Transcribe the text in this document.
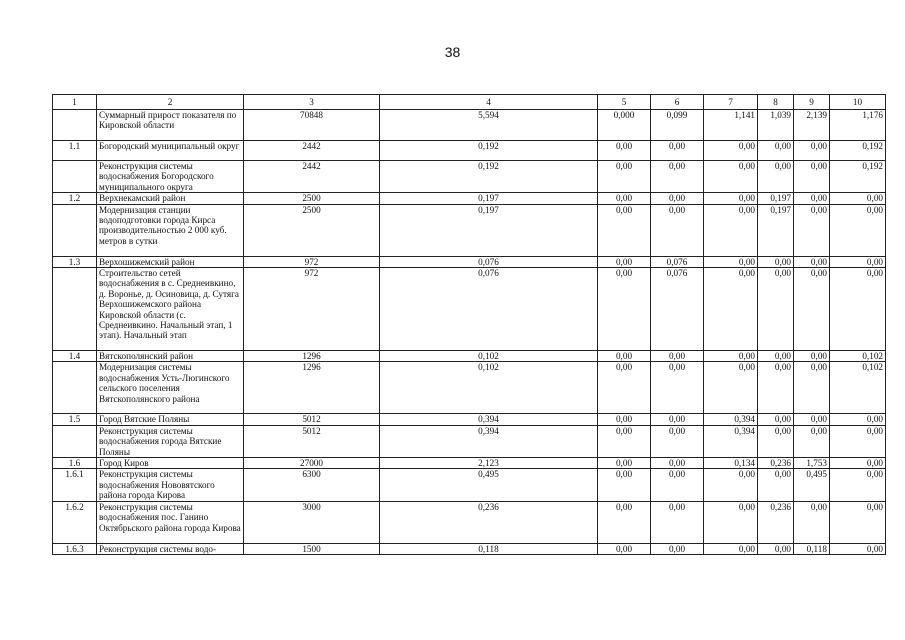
38
1	2	3	4	5	6	7	8	9	10
	Суммарный прирост показателя по Кировской области	70848	5,594	0,000	0,099	1,141	1,039	2,139	1,176
1.1	Богородский муниципальный округ	2442	0,192	0,00	0,00	0,00	0,00	0,00	0,192
	Реконструкция системы водоснабжения Богородского муниципального округа	2442	0,192	0,00	0,00	0,00	0,00	0,00	0,192
1.2	Верхнекамский район	2500	0,197	0,00	0,00	0,00	0,197	0,00	0,00
	Модернизация станции водоподготовки города Кирса производительностью 2 000 куб. метров в сутки	2500	0,197	0,00	0,00	0,00	0,197	0,00	0,00
1.3	Верхошижемский район	972	0,076	0,00	0,076	0,00	0,00	0,00	0,00
	Строительство сетей водоснабжения в с. Среднеивкино, д. Воронье, д. Осиновица, д. Сутяга Верхошижемского района Кировской области (с. Среднеивкино. Начальный этап, 1 этап). Начальный этап	972	0,076	0,00	0,076	0,00	0,00	0,00	0,00
1.4	Вятскополянский район	1296	0,102	0,00	0,00	0,00	0,00	0,00	0,102
	Модернизация системы водоснабжения Усть-Люгинского сельского поселения Вятскополянского района	1296	0,102	0,00	0,00	0,00	0,00	0,00	0,102
1.5	Город Вятские Поляны	5012	0,394	0,00	0,00	0,394	0,00	0,00	0,00
	Реконструкция системы водоснабжения города Вятские Поляны	5012	0,394	0,00	0,00	0,394	0,00	0,00	0,00
1.6	Город Киров	27000	2,123	0,00	0,00	0,134	0,236	1,753	0,00
1.6.1	Реконструкция системы водоснабжения Нововятского района города Кирова	6300	0,495	0,00	0,00	0,00	0,00	0,495	0,00
1.6.2	Реконструкция системы водоснабжения пос. Ганино Октябрьского района города Кирова	3000	0,236	0,00	0,00	0,00	0,236	0,00	0,00
1.6.3	Реконструкция системы водо-	1500	0,118	0,00	0,00	0,00	0,00	0,118	0,00
